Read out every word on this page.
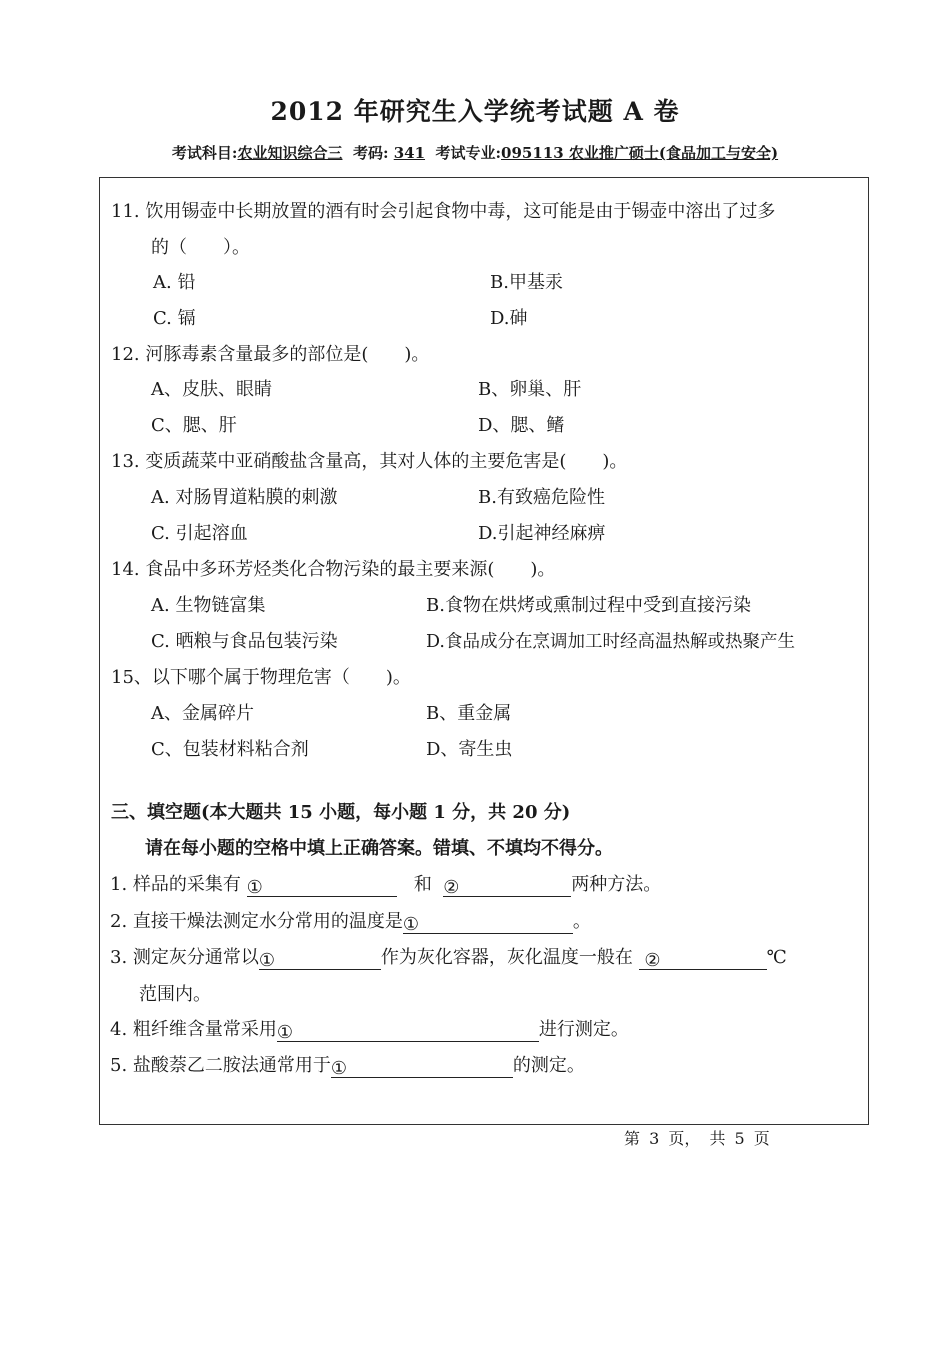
2012 年研究生入学统考试题 A 卷
考试科目:农业知识综合三 考码: 341 考试专业:095113 农业推广硕士(食品加工与安全)
11. 饮用锡壶中长期放置的酒有时会引起食物中毒，这可能是由于锡壶中溶出了过多
的（　　）。
A. 铅	B.甲基汞
C. 镉	D.砷
12. 河豚毒素含量最多的部位是(　　)。
A、皮肤、眼睛	B、卵巢、肝
C、腮、肝	D、腮、鳍
13. 变质蔬菜中亚硝酸盐含量高，其对人体的主要危害是(　　)。
A. 对肠胃道粘膜的刺激	B.有致癌危险性
C. 引起溶血	D.引起神经麻痹
14. 食品中多环芳烃类化合物污染的最主要来源(　　)。
A. 生物链富集	B.食物在烘烤或熏制过程中受到直接污染
C. 晒粮与食品包装污染	D.食品成分在烹调加工时经高温热解或热聚产生
15、以下哪个属于物理危害（　　)。
A、金属碎片	B、重金属
C、包装材料粘合剂	D、寄生虫
三、填空题(本大题共 15 小题，每小题 1 分，共 20 分)
请在每小题的空格中填上正确答案。错填、不填均不得分。
1. 样品的采集有 ①	和 ②	两种方法。
2. 直接干燥法测定水分常用的温度是①	。
3. 测定灰分通常以①	作为灰化容器，灰化温度一般在 ②	℃
范围内。
4. 粗纤维含量常采用①	进行测定。
5. 盐酸萘乙二胺法通常用于①	的测定。
第 3 页， 共 5 页
